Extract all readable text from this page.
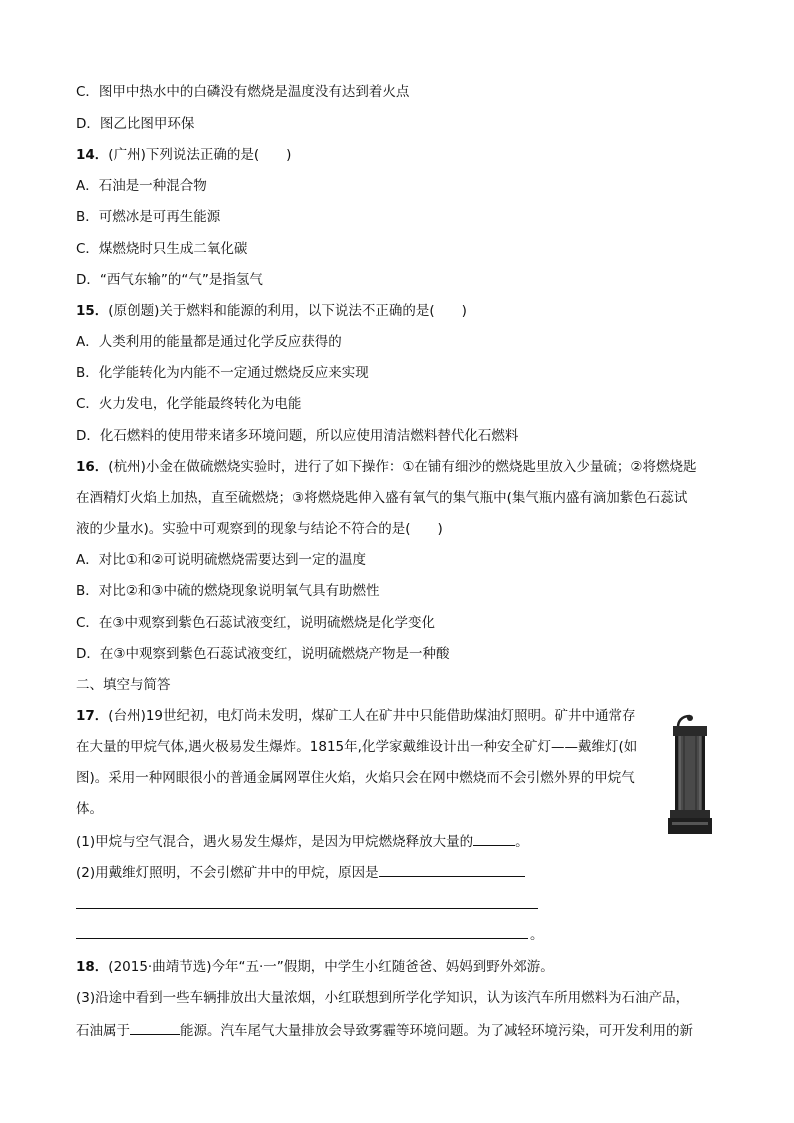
C．图甲中热水中的白磷没有燃烧是温度没有达到着火点
D．图乙比图甲环保
14．(广州)下列说法正确的是(　　)
A．石油是一种混合物
B．可燃冰是可再生能源
C．煤燃烧时只生成二氧化碳
D．“西气东输”的“气”是指氢气
15．(原创题)关于燃料和能源的利用，以下说法不正确的是(　　)
A．人类利用的能量都是通过化学反应获得的
B．化学能转化为内能不一定通过燃烧反应来实现
C．火力发电，化学能最终转化为电能
D．化石燃料的使用带来诸多环境问题，所以应使用清洁燃料替代化石燃料
16．(杭州)小金在做硫燃烧实验时，进行了如下操作：①在铺有细沙的燃烧匙里放入少量硫；②将燃烧匙
在酒精灯火焰上加热，直至硫燃烧；③将燃烧匙伸入盛有氧气的集气瓶中(集气瓶内盛有滴加紫色石蕊试
液的少量水)。实验中可观察到的现象与结论不符合的是(　　)
A．对比①和②可说明硫燃烧需要达到一定的温度
B．对比②和③中硫的燃烧现象说明氧气具有助燃性
C．在③中观察到紫色石蕊试液变红，说明硫燃烧是化学变化
D．在③中观察到紫色石蕊试液变红，说明硫燃烧产物是一种酸
二、填空与简答
17．(台州)19世纪初，电灯尚未发明，煤矿工人在矿井中只能借助煤油灯照明。矿井中通常存
在大量的甲烷气体,遇火极易发生爆炸。1815年,化学家戴维设计出一种安全矿灯——戴维灯(如
图)。采用一种网眼很小的普通金属网罩住火焰，火焰只会在网中燃烧而不会引燃外界的甲烷气
体。
(1)甲烷与空气混合，遇火易发生爆炸，是因为甲烷燃烧释放大量的	。
(2)用戴维灯照明，不会引燃矿井中的甲烷，原因是
。
18．(2015·曲靖节选)今年“五·一”假期，中学生小红随爸爸、妈妈到野外郊游。
(3)沿途中看到一些车辆排放出大量浓烟，小红联想到所学化学知识，认为该汽车所用燃料为石油产品，
石油属于	能源。汽车尾气大量排放会导致雾霾等环境问题。为了减轻环境污染，可开发利用的新
